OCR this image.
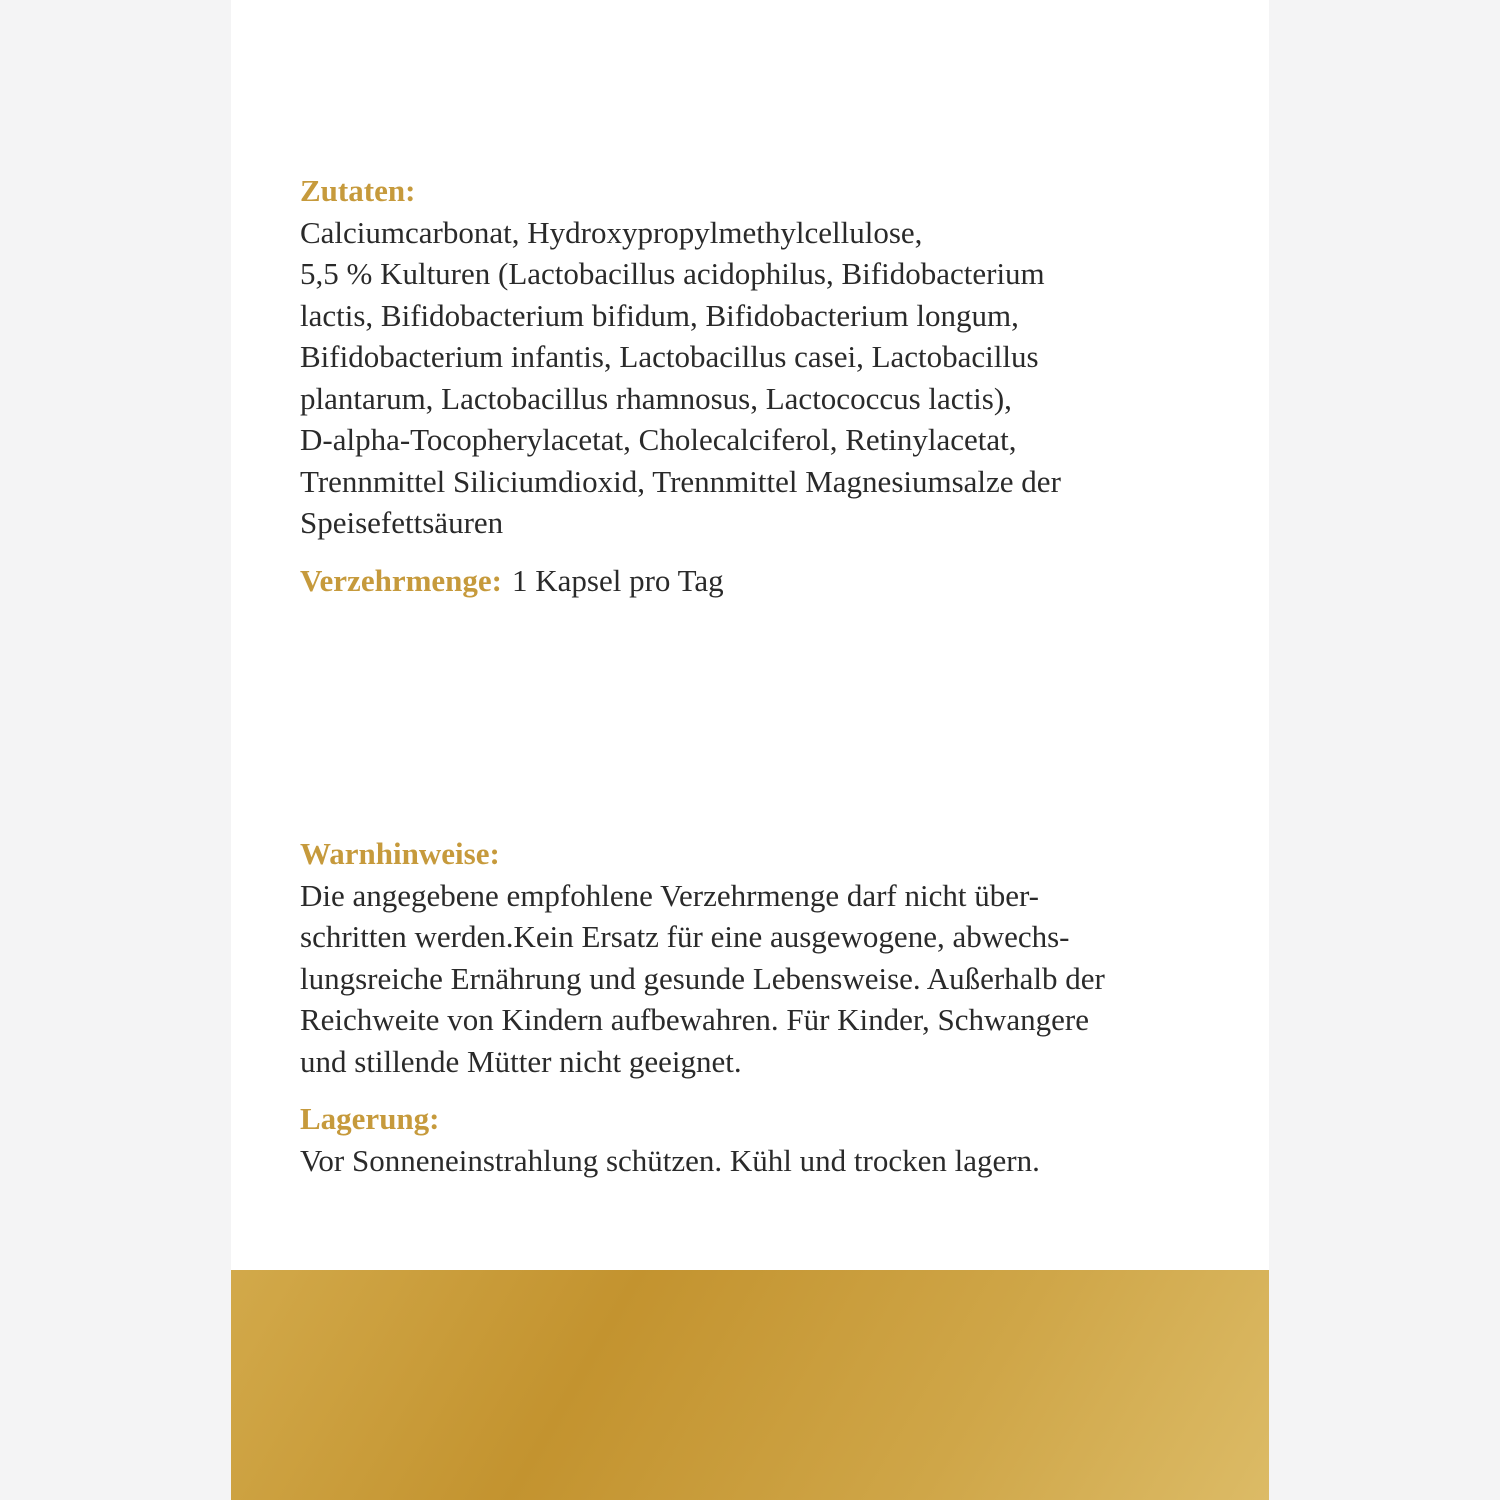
Zutaten:
Calciumcarbonat, Hydroxypropylmethylcellulose,
5,5 % Kulturen (Lactobacillus acidophilus, Bifidobacterium
lactis, Bifidobacterium bifidum, Bifidobacterium longum,
Bifidobacterium infantis, Lactobacillus casei, Lactobacillus
plantarum, Lactobacillus rhamnosus, Lactococcus lactis),
D-alpha-Tocopherylacetat, Cholecalciferol, Retinylacetat,
Trennmittel Siliciumdioxid, Trennmittel Magnesiumsalze der
Speisefettsäuren
Verzehrmenge: 1 Kapsel pro Tag
Warnhinweise:
Die angegebene empfohlene Verzehrmenge darf nicht über-
schritten werden.Kein Ersatz für eine ausgewogene, abwechs-
lungsreiche Ernährung und gesunde Lebensweise. Außerhalb der
Reichweite von Kindern aufbewahren. Für Kinder, Schwangere
und stillende Mütter nicht geeignet.
Lagerung:
Vor Sonneneinstrahlung schützen. Kühl und trocken lagern.
